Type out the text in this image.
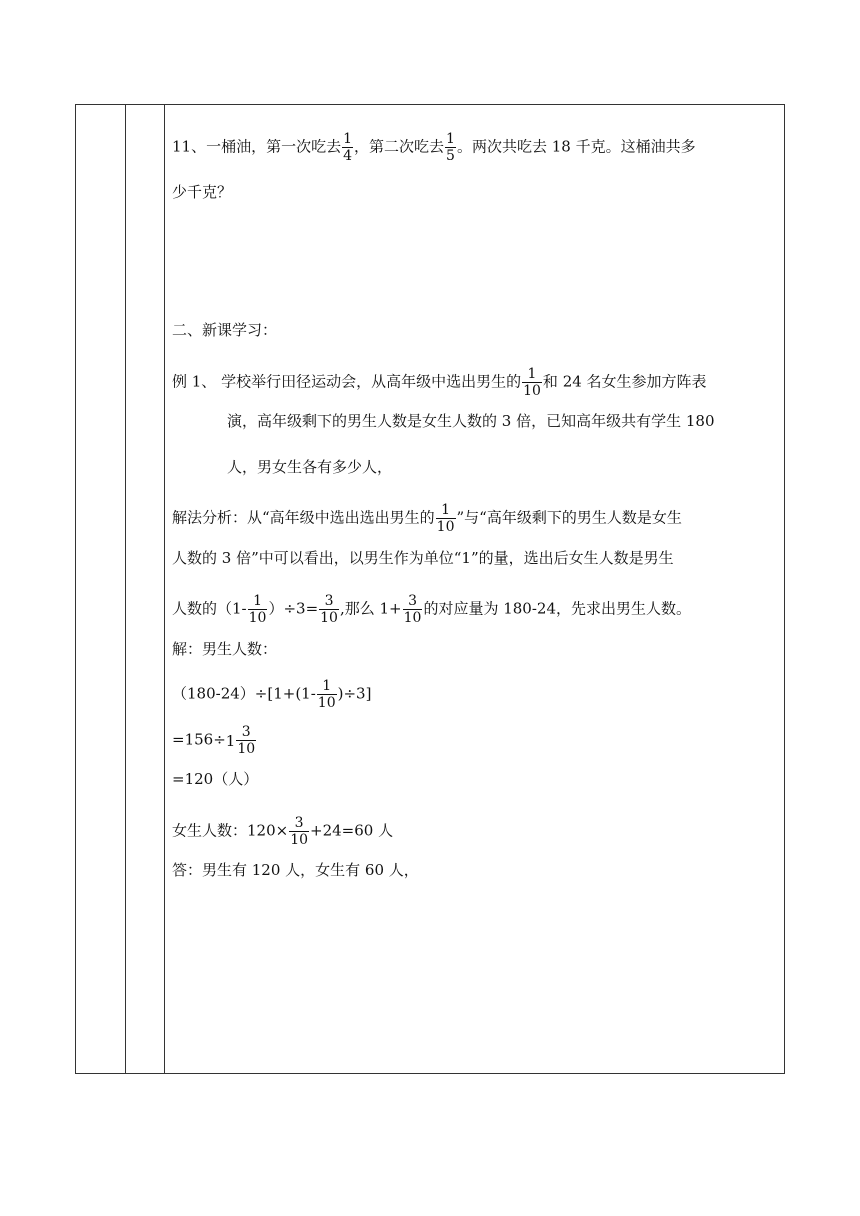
11、一桶油，第一次吃去 $\frac{1}{4}$ ，第二次吃去 $\frac{1}{5}$ 。两次共吃去 18 千克。这桶油共多
少千克？
二、新课学习：
例 1、 学校举行田径运动会，从高年级中选出男生的 $\frac{1}{10}$ 和 24 名女生参加方阵表
演，高年级剩下的男生人数是女生人数的 3 倍，已知高年级共有学生 180
人，男女生各有多少人，
解法分析：从“高年级中选出选出男生的 $\frac{1}{10}$ ”与“高年级剩下的男生人数是女生
人数的 3 倍”中可以看出，以男生作为单位“1”的量，选出后女生人数是男生
人数的$(1- \frac{1}{10} )\div 3= \frac{3}{10}$ ,那么 $1+ \frac{3}{10}$ 的对应量为 180-24，先求出男生人数。
解：男生人数：
$(180-24)\div[1+(1- \frac{1}{10} )\div 3]$
$=156\div 1 \frac{3}{10}$
=120（人）
女生人数：$120\times \frac{3}{10} +24=60$ 人
答：男生有 120 人，女生有 60 人，
